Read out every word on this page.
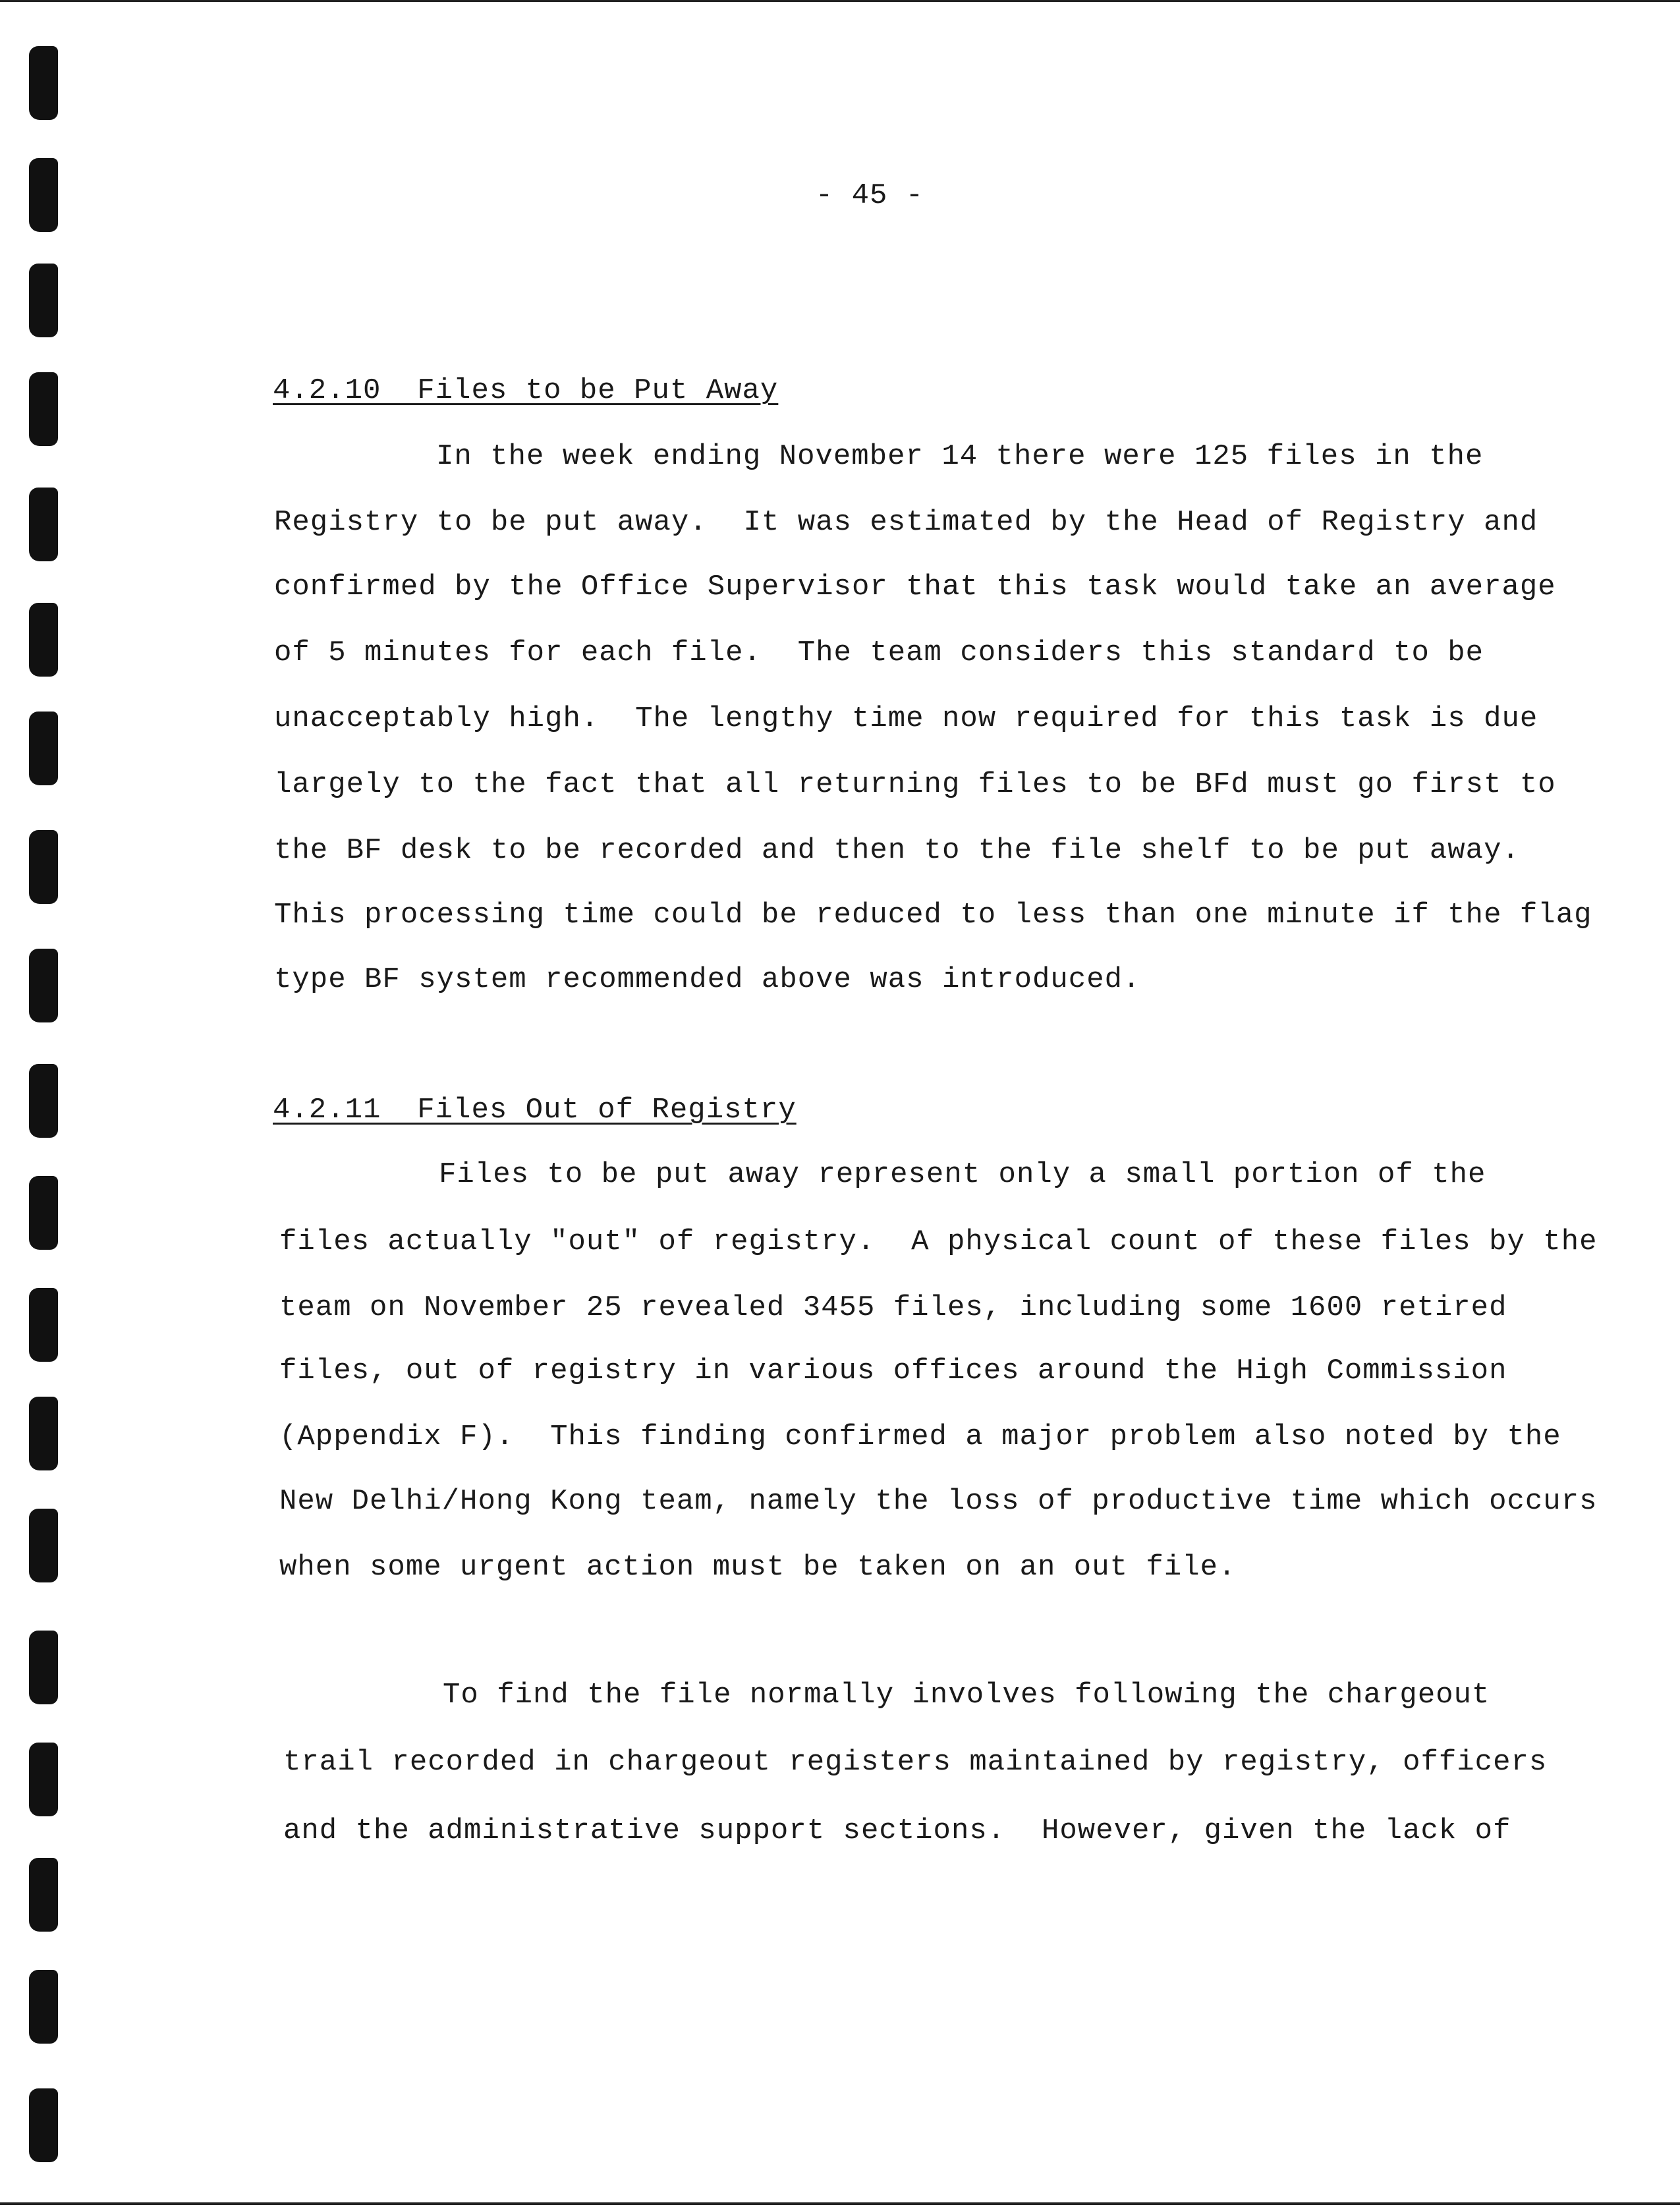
- 45 -
4.2.10  Files to be Put Away
In the week ending November 14 there were 125 files in the
Registry to be put away.  It was estimated by the Head of Registry and
confirmed by the Office Supervisor that this task would take an average
of 5 minutes for each file.  The team considers this standard to be
unacceptably high.  The lengthy time now required for this task is due
largely to the fact that all returning files to be BFd must go first to
the BF desk to be recorded and then to the file shelf to be put away.
This processing time could be reduced to less than one minute if the flag
type BF system recommended above was introduced.
4.2.11  Files Out of Registry
Files to be put away represent only a small portion of the
files actually "out" of registry.  A physical count of these files by the
team on November 25 revealed 3455 files, including some 1600 retired
files, out of registry in various offices around the High Commission
(Appendix F).  This finding confirmed a major problem also noted by the
New Delhi/Hong Kong team, namely the loss of productive time which occurs
when some urgent action must be taken on an out file.
To find the file normally involves following the chargeout
trail recorded in chargeout registers maintained by registry, officers
and the administrative support sections.  However, given the lack of
